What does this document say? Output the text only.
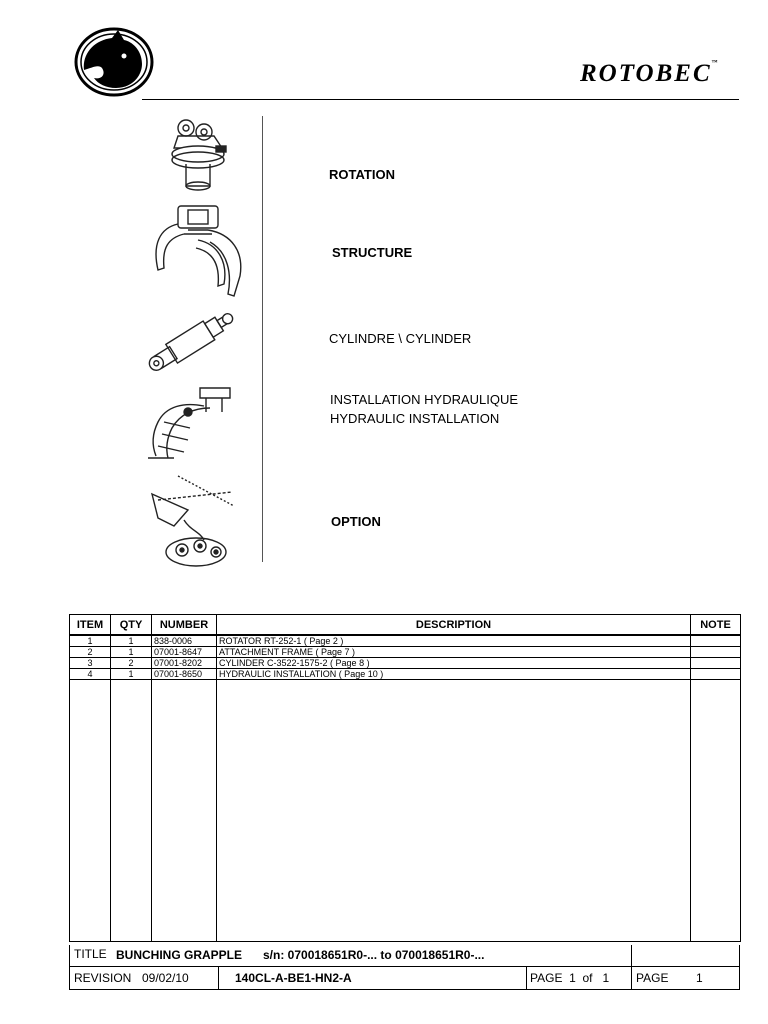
ROTOBEC™
ROTATION
STRUCTURE
CYLINDRE \ CYLINDER
INSTALLATION HYDRAULIQUE
HYDRAULIC INSTALLATION
OPTION
ITEM	QTY	NUMBER	DESCRIPTION	NOTE
1	1	838-0006	ROTATOR RT-252-1 ( Page 2 )	
2	1	07001-8647	ATTACHMENT FRAME ( Page 7 )	
3	2	07001-8202	CYLINDER C-3522-1575-2 ( Page 8 )	
4	1	07001-8650	HYDRAULIC INSTALLATION ( Page 10 )	

TITLE BUNCHING GRAPPLE s/n: 070018651R0-... to 070018651R0-...
REVISION 09/02/10	140CL-A-BE1-HN2-A	PAGE 1 of 1 PAGE 1
